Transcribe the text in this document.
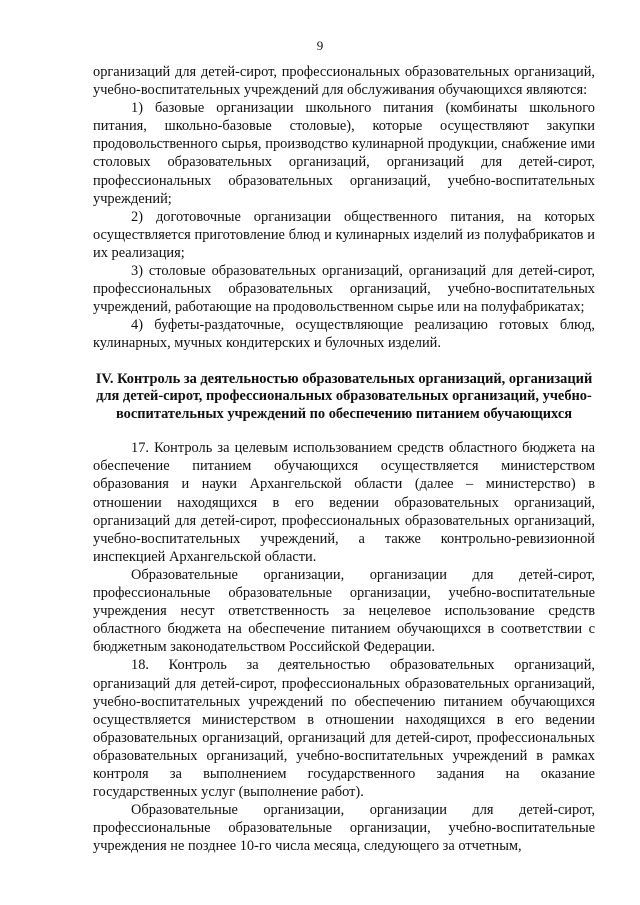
9

организаций для детей-сирот, профессиональных образовательных организаций, учебно-воспитательных учреждений для обслуживания обучающихся являются:

1) базовые организации школьного питания (комбинаты школьного питания, школьно-базовые столовые), которые осуществляют закупки продовольственного сырья, производство кулинарной продукции, снабжение ими столовых образовательных организаций, организаций для детей-сирот, профессиональных образовательных организаций, учебно-воспитательных учреждений;

2) доготовочные организации общественного питания, на которых осуществляется приготовление блюд и кулинарных изделий из полуфабрикатов и их реализация;

3) столовые образовательных организаций, организаций для детей-сирот, профессиональных образовательных организаций, учебно-воспитательных учреждений, работающие на продовольственном сырье или на полуфабрикатах;

4) буфеты-раздаточные, осуществляющие реализацию готовых блюд, кулинарных, мучных кондитерских и булочных изделий.

IV. Контроль за деятельностью образовательных организаций, организаций для детей-сирот, профессиональных образовательных организаций, учебно-воспитательных учреждений по обеспечению питанием обучающихся

17. Контроль за целевым использованием средств областного бюджета на обеспечение питанием обучающихся осуществляется министерством образования и науки Архангельской области (далее – министерство) в отношении находящихся в его ведении образовательных организаций, организаций для детей-сирот, профессиональных образовательных организаций, учебно-воспитательных учреждений, а также контрольно-ревизионной инспекцией Архангельской области.

Образовательные организации, организации для детей-сирот, профессиональные образовательные организации, учебно-воспитательные учреждения несут ответственность за нецелевое использование средств областного бюджета на обеспечение питанием обучающихся в соответствии с бюджетным законодательством Российской Федерации.

18. Контроль за деятельностью образовательных организаций, организаций для детей-сирот, профессиональных образовательных организаций, учебно-воспитательных учреждений по обеспечению питанием обучающихся осуществляется министерством в отношении находящихся в его ведении образовательных организаций, организаций для детей-сирот, профессиональных образовательных организаций, учебно-воспитательных учреждений в рамках контроля за выполнением государственного задания на оказание государственных услуг (выполнение работ).

Образовательные организации, организации для детей-сирот, профессиональные образовательные организации, учебно-воспитательные учреждения не позднее 10-го числа месяца, следующего за отчетным,
